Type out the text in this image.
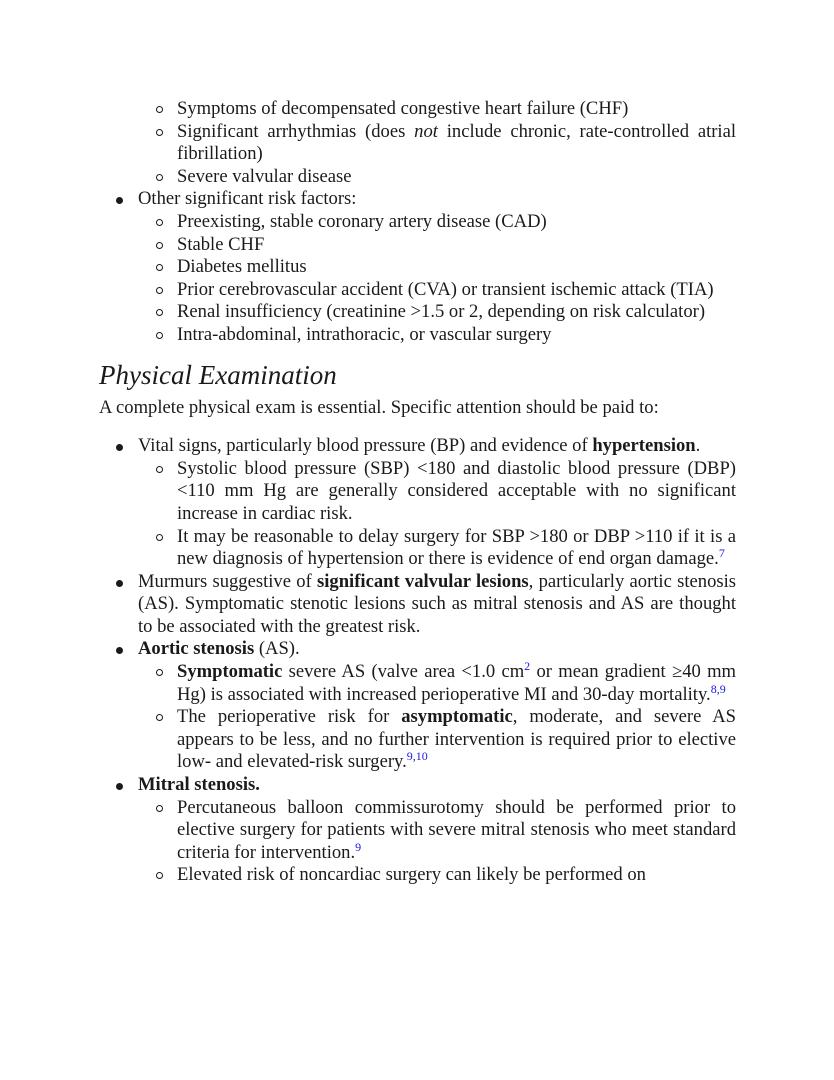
Symptoms of decompensated congestive heart failure (CHF)
Significant arrhythmias (does not include chronic, rate-controlled atrial fibrillation)
Severe valvular disease
Other significant risk factors:
Preexisting, stable coronary artery disease (CAD)
Stable CHF
Diabetes mellitus
Prior cerebrovascular accident (CVA) or transient ischemic attack (TIA)
Renal insufficiency (creatinine >1.5 or 2, depending on risk calculator)
Intra-abdominal, intrathoracic, or vascular surgery
Physical Examination

A complete physical exam is essential. Specific attention should be paid to:

Vital signs, particularly blood pressure (BP) and evidence of hypertension.
Systolic blood pressure (SBP) <180 and diastolic blood pressure (DBP) <110 mm Hg are generally considered acceptable with no significant increase in cardiac risk.
It may be reasonable to delay surgery for SBP >180 or DBP >110 if it is a new diagnosis of hypertension or there is evidence of end organ damage.$^7$
Murmurs suggestive of significant valvular lesions, particularly aortic stenosis (AS). Symptomatic stenotic lesions such as mitral stenosis and AS are thought to be associated with the greatest risk.
Aortic stenosis (AS).
Symptomatic severe AS (valve area <1.0 $cm^2$ or mean gradient ≥40 mm Hg) is associated with increased perioperative MI and 30-day mortality.$^{8,9}$
The perioperative risk for asymptomatic, moderate, and severe AS appears to be less, and no further intervention is required prior to elective low- and elevated-risk surgery.$^{9,10}$
Mitral stenosis.
Percutaneous balloon commissurotomy should be performed prior to elective surgery for patients with severe mitral stenosis who meet standard criteria for intervention.$^9$
Elevated risk of noncardiac surgery can likely be performed on
